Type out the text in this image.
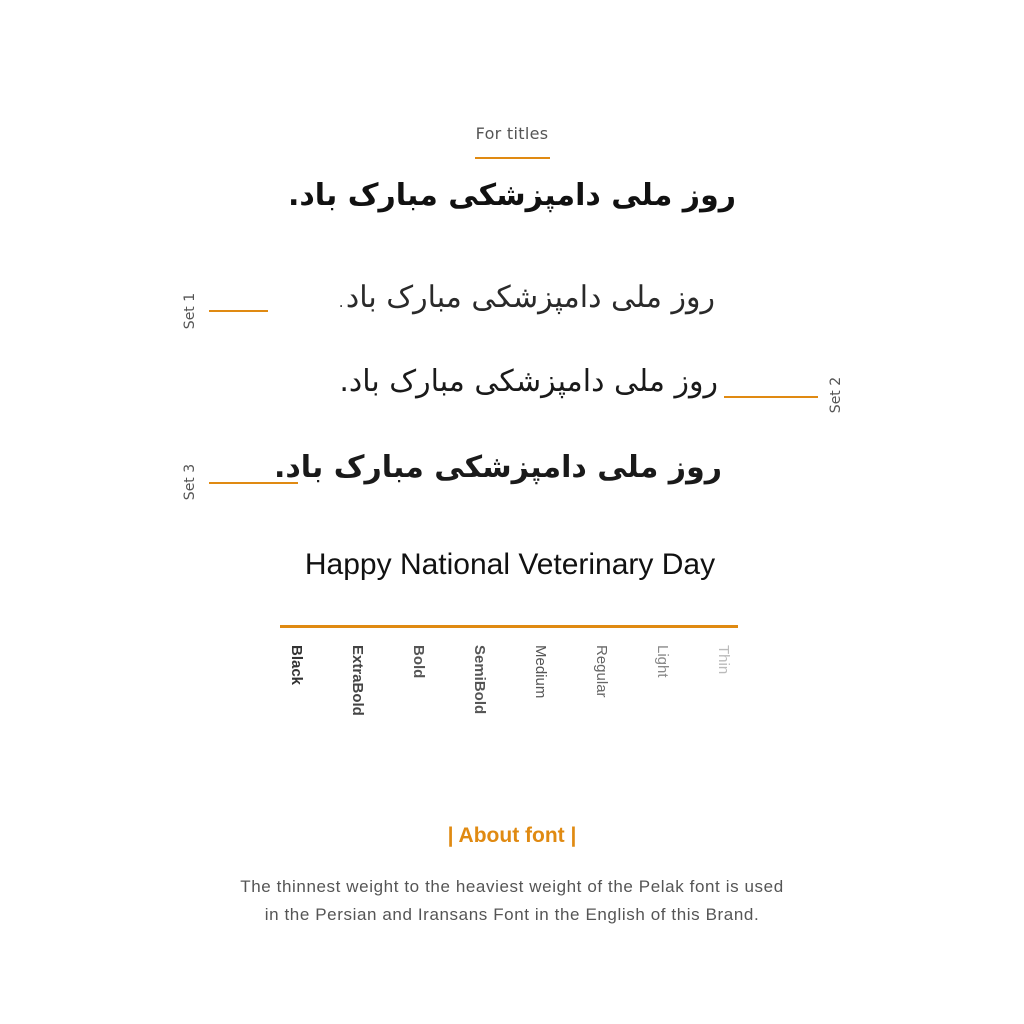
For titles
روز ملی دامپزشکی مبارک باد.
Set 1	روز ملی دامپزشکی مبارک باد.
روز ملی دامپزشکی مبارک باد.	Set 2
Set 3	روز ملی دامپزشکی مبارک باد.
Happy National Veterinary Day
Black	ExtraBold	Bold	SemiBold	Medium	Regular	Light	Thin
| About font |
The thinnest weight to the heaviest weight of the Pelak font is used
in the Persian and Iransans Font in the English of this Brand.
